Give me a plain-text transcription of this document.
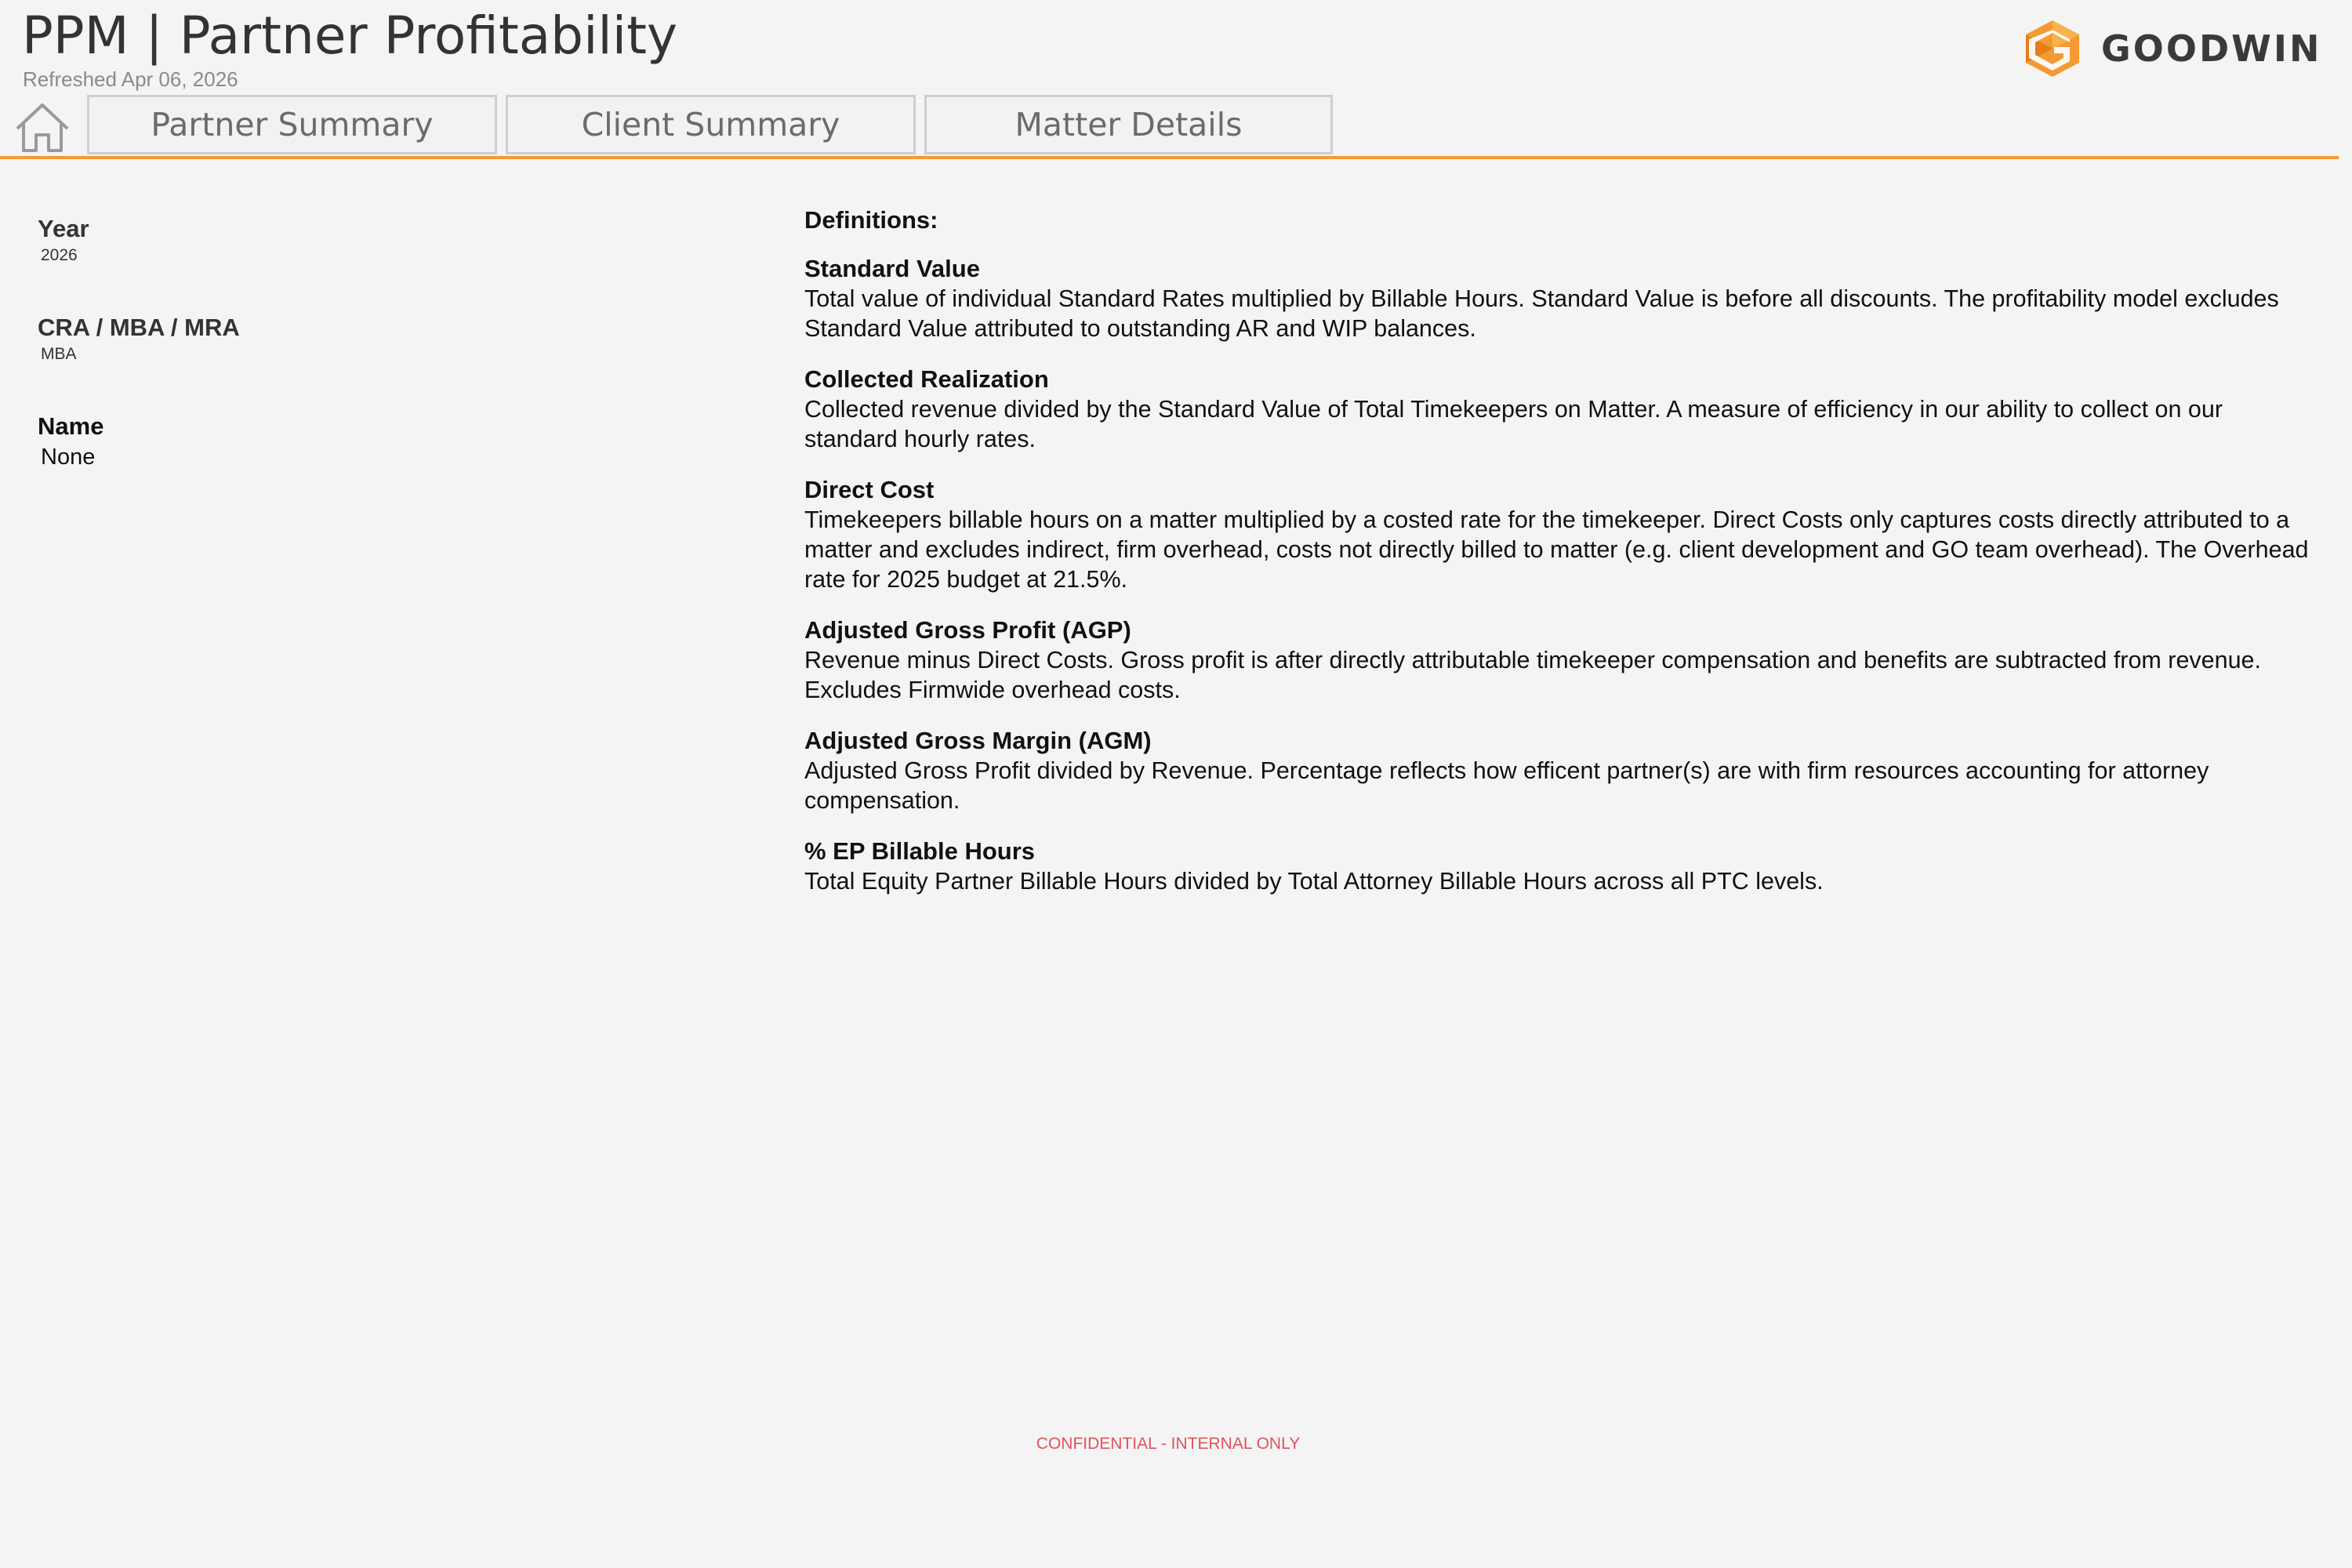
PPM | Partner Profitability
Refreshed Apr 06, 2026
GOODWIN
Partner Summary	Client Summary	Matter Details
Year
2026
CRA / MBA / MRA
MBA
Name
None
Definitions:
Standard Value
Total value of individual Standard Rates multiplied by Billable Hours. Standard Value is before all discounts. The profitability model excludes Standard Value attributed to outstanding AR and WIP balances.
Collected Realization
Collected revenue divided by the Standard Value of Total Timekeepers on Matter. A measure of efficiency in our ability to collect on our standard hourly rates.
Direct Cost
Timekeepers billable hours on a matter multiplied by a costed rate for the timekeeper. Direct Costs only captures costs directly attributed to a matter and excludes indirect, firm overhead, costs not directly billed to matter (e.g. client development and GO team overhead). The Overhead rate for 2025 budget at 21.5%.
Adjusted Gross Profit (AGP)
Revenue minus Direct Costs. Gross profit is after directly attributable timekeeper compensation and benefits are subtracted from revenue. Excludes Firmwide overhead costs.
Adjusted Gross Margin (AGM)
Adjusted Gross Profit divided by Revenue. Percentage reflects how efficent partner(s) are with firm resources accounting for attorney compensation.
% EP Billable Hours
Total Equity Partner Billable Hours divided by Total Attorney Billable Hours across all PTC levels.
CONFIDENTIAL - INTERNAL ONLY
